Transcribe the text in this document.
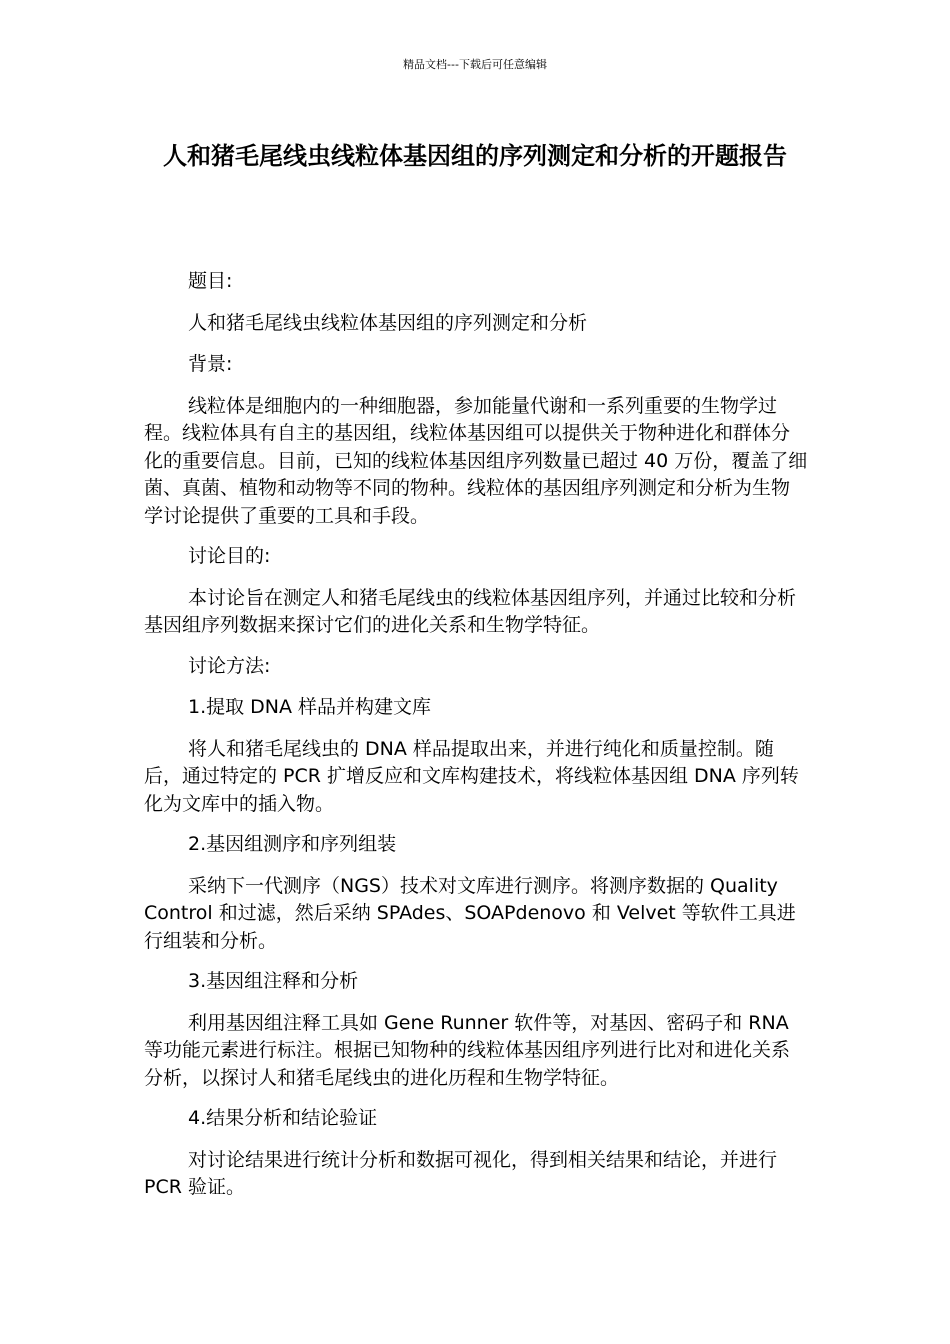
精品文档---下载后可任意编辑
人和猪毛尾线虫线粒体基因组的序列测定和分析的开题报告

题目:

人和猪毛尾线虫线粒体基因组的序列测定和分析

背景:

线粒体是细胞内的一种细胞器，参加能量代谢和一系列重要的生物学过程。线粒体具有自主的基因组，线粒体基因组可以提供关于物种进化和群体分化的重要信息。目前，已知的线粒体基因组序列数量已超过 40 万份，覆盖了细菌、真菌、植物和动物等不同的物种。线粒体的基因组序列测定和分析为生物学讨论提供了重要的工具和手段。

讨论目的:

本讨论旨在测定人和猪毛尾线虫的线粒体基因组序列，并通过比较和分析基因组序列数据来探讨它们的进化关系和生物学特征。

讨论方法:

1.提取 DNA 样品并构建文库

将人和猪毛尾线虫的 DNA 样品提取出来，并进行纯化和质量控制。随后，通过特定的 PCR 扩增反应和文库构建技术，将线粒体基因组 DNA 序列转化为文库中的插入物。

2.基因组测序和序列组装

采纳下一代测序（NGS）技术对文库进行测序。将测序数据的 Quality Control 和过滤，然后采纳 SPAdes、SOAPdenovo 和 Velvet 等软件工具进行组装和分析。

3.基因组注释和分析

利用基因组注释工具如 Gene Runner 软件等，对基因、密码子和 RNA 等功能元素进行标注。根据已知物种的线粒体基因组序列进行比对和进化关系分析，以探讨人和猪毛尾线虫的进化历程和生物学特征。

4.结果分析和结论验证

对讨论结果进行统计分析和数据可视化，得到相关结果和结论，并进行 PCR 验证。
